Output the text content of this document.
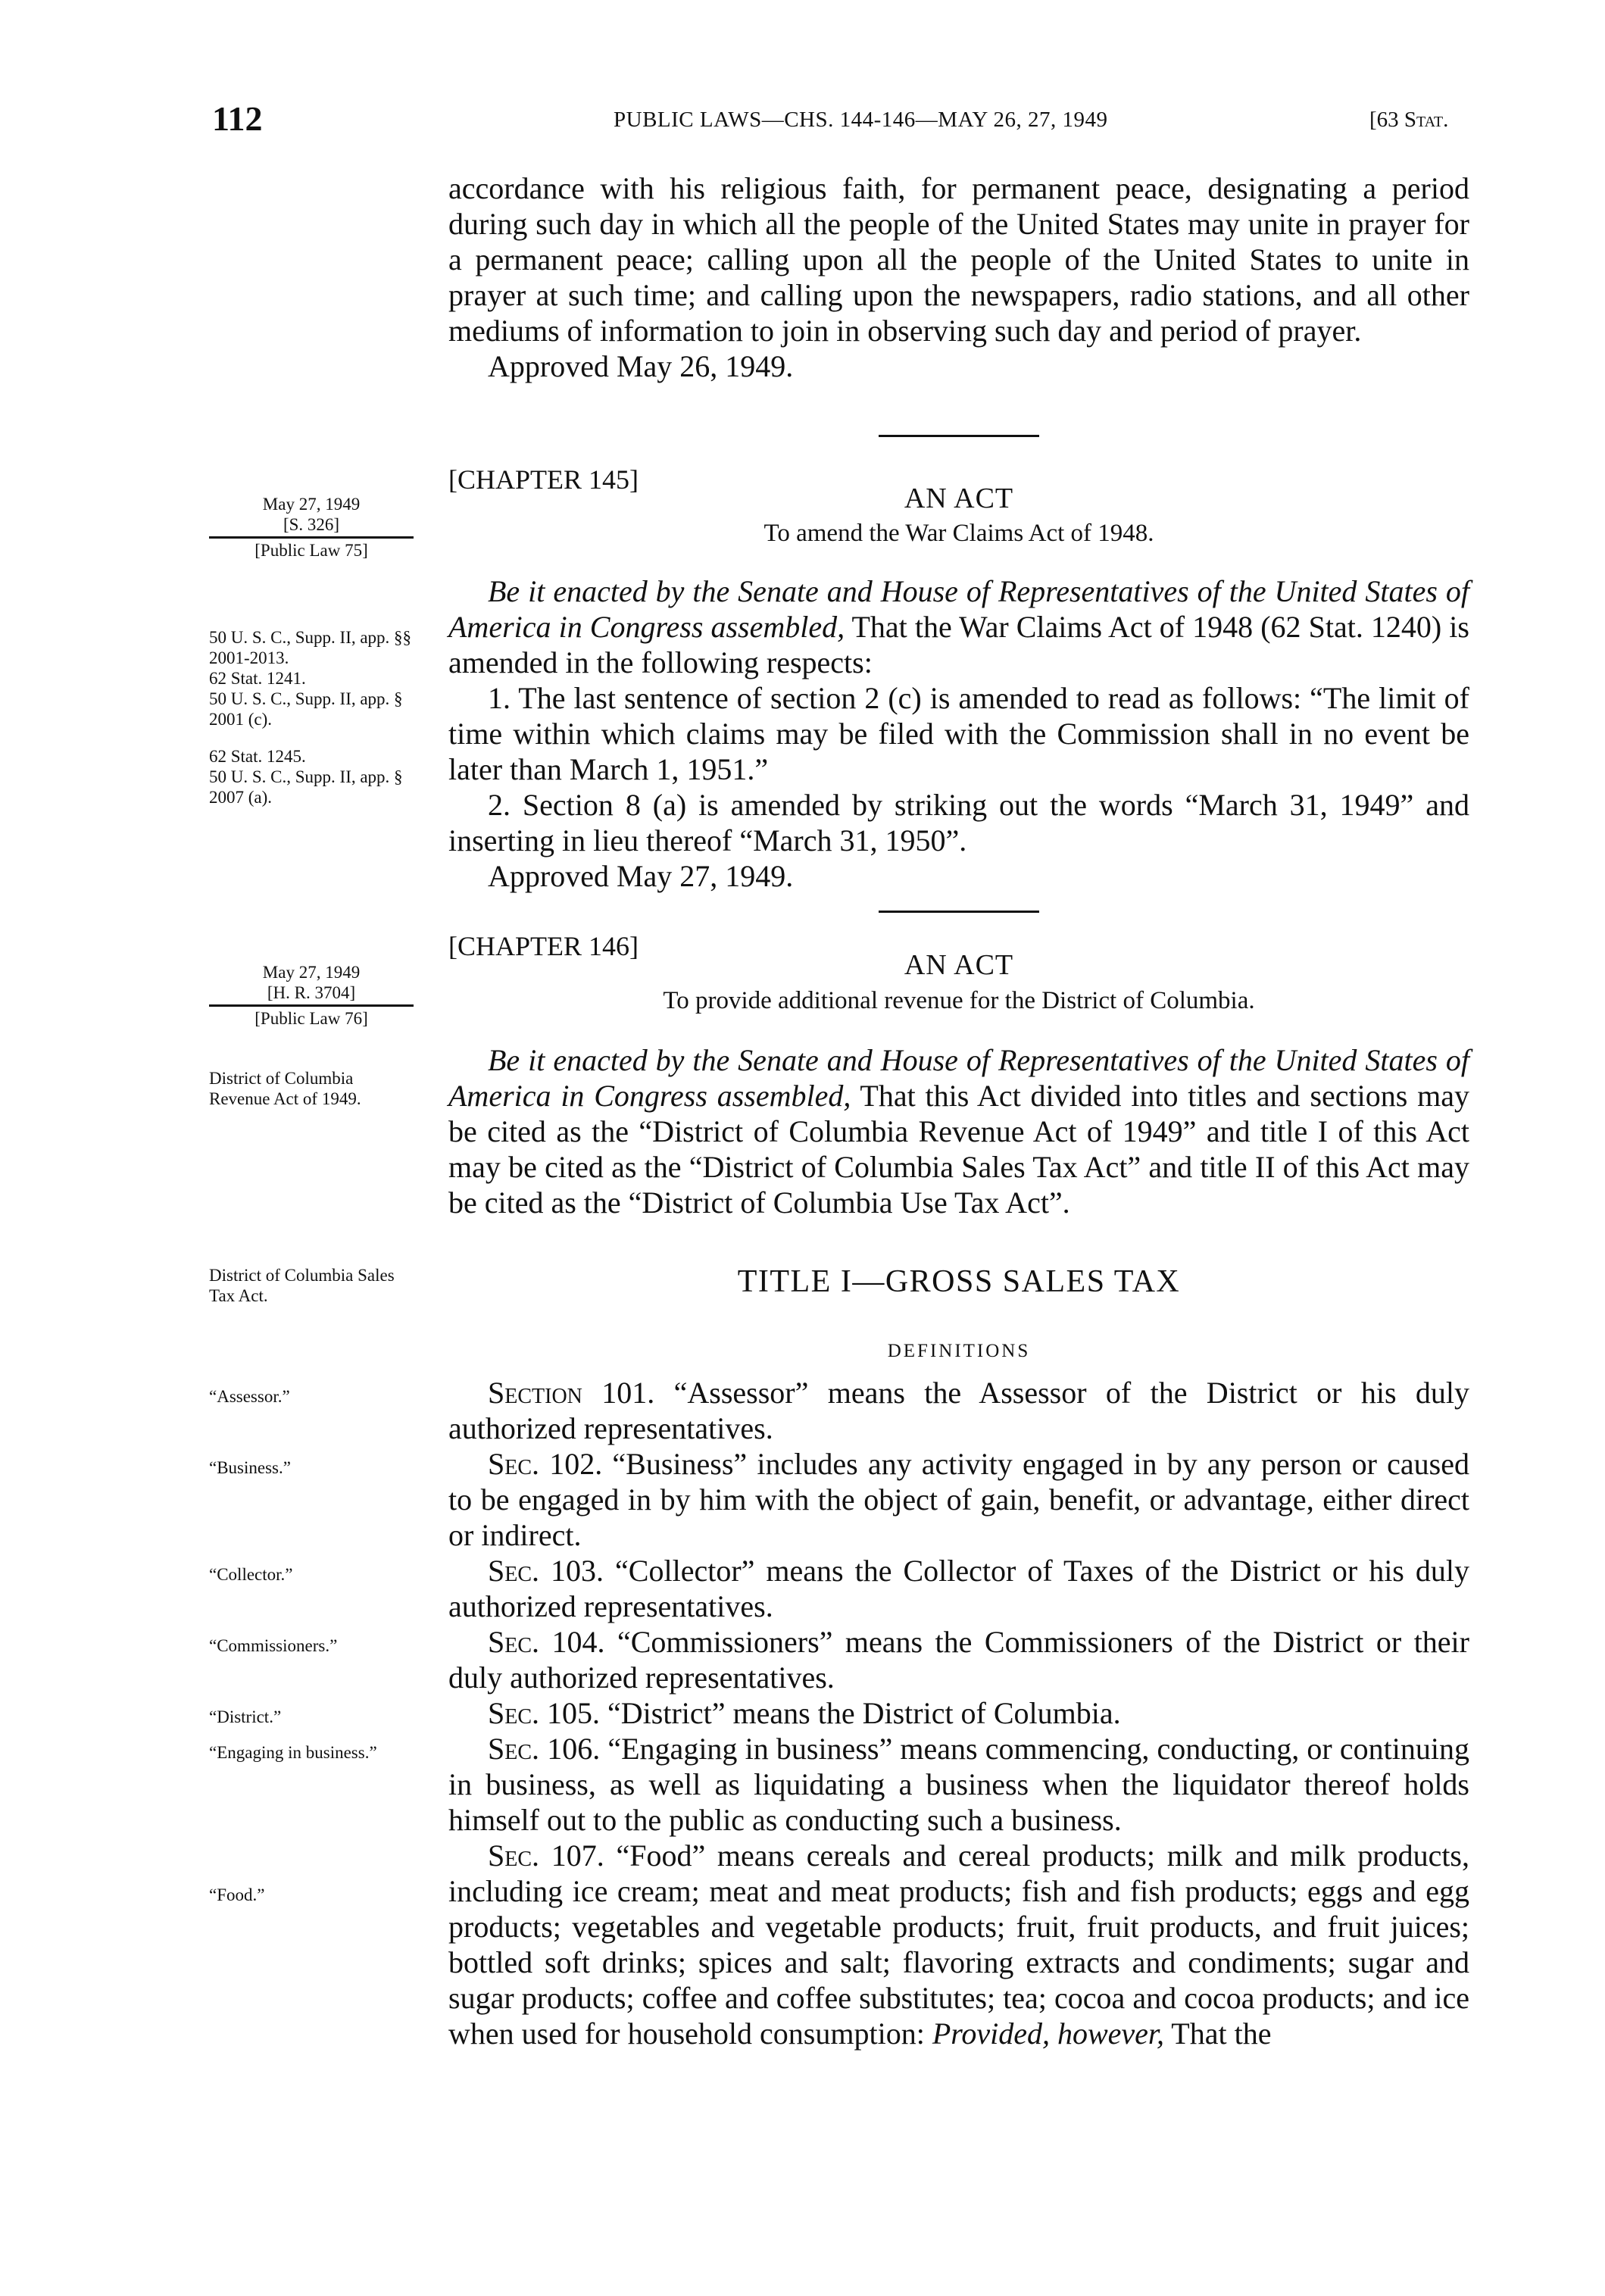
112	PUBLIC LAWS—CHS. 144-146—MAY 26, 27, 1949	[63 Stat.

accordance with his religious faith, for permanent peace, designating a period during such day in which all the people of the United States may unite in prayer for a permanent peace; calling upon all the people of the United States to unite in prayer at such time; and calling upon the newspapers, radio stations, and all other mediums of information to join in observing such day and period of prayer.

Approved May 26, 1949.

[CHAPTER 145]
AN ACT
To amend the War Claims Act of 1948.

May 27, 1949

[S. 326]

[Public Law 75]

Be it enacted by the Senate and House of Representatives of the United States of America in Congress assembled, That the War Claims Act of 1948 (62 Stat. 1240) is amended in the following respects:

1. The last sentence of section 2 (c) is amended to read as follows: “The limit of time within which claims may be filed with the Commission shall in no event be later than March 1, 1951.”

2. Section 8 (a) is amended by striking out the words “March 31, 1949” and inserting in lieu thereof “March 31, 1950”.

Approved May 27, 1949.

50 U. S. C., Supp. II, app. §§ 2001-2013.

62 Stat. 1241.

50 U. S. C., Supp. II, app. § 2001 (c).

62 Stat. 1245.

50 U. S. C., Supp. II, app. § 2007 (a).

[CHAPTER 146]
AN ACT
To provide additional revenue for the District of Columbia.

May 27, 1949

[H. R. 3704]

[Public Law 76]

District of Columbia Revenue Act of 1949.

Be it enacted by the Senate and House of Representatives of the United States of America in Congress assembled, That this Act divided into titles and sections may be cited as the “District of Columbia Revenue Act of 1949” and title I of this Act may be cited as the “District of Columbia Sales Tax Act” and title II of this Act may be cited as the “District of Columbia Use Tax Act”.

District of Columbia Sales Tax Act.	TITLE I—GROSS SALES TAX
DEFINITIONS

Section 101. “Assessor” means the Assessor of the District or his duly authorized representatives.

Sec. 102. “Business” includes any activity engaged in by any person or caused to be engaged in by him with the object of gain, benefit, or advantage, either direct or indirect.

Sec. 103. “Collector” means the Collector of Taxes of the District or his duly authorized representatives.

Sec. 104. “Commissioners” means the Commissioners of the District or their duly authorized representatives.

Sec. 105. “District” means the District of Columbia.

Sec. 106. “Engaging in business” means commencing, conducting, or continuing in business, as well as liquidating a business when the liquidator thereof holds himself out to the public as conducting such a business.

Sec. 107. “Food” means cereals and cereal products; milk and milk products, including ice cream; meat and meat products; fish and fish products; eggs and egg products; vegetables and vegetable products; fruit, fruit products, and fruit juices; bottled soft drinks; spices and salt; flavoring extracts and condiments; sugar and sugar products; coffee and coffee substitutes; tea; cocoa and cocoa products; and ice when used for household consumption: Provided, however, That the

“Assessor.”
“Business.”
“Collector.”
“Commissioners.”
“District.”
“Engaging in business.”
“Food.”
